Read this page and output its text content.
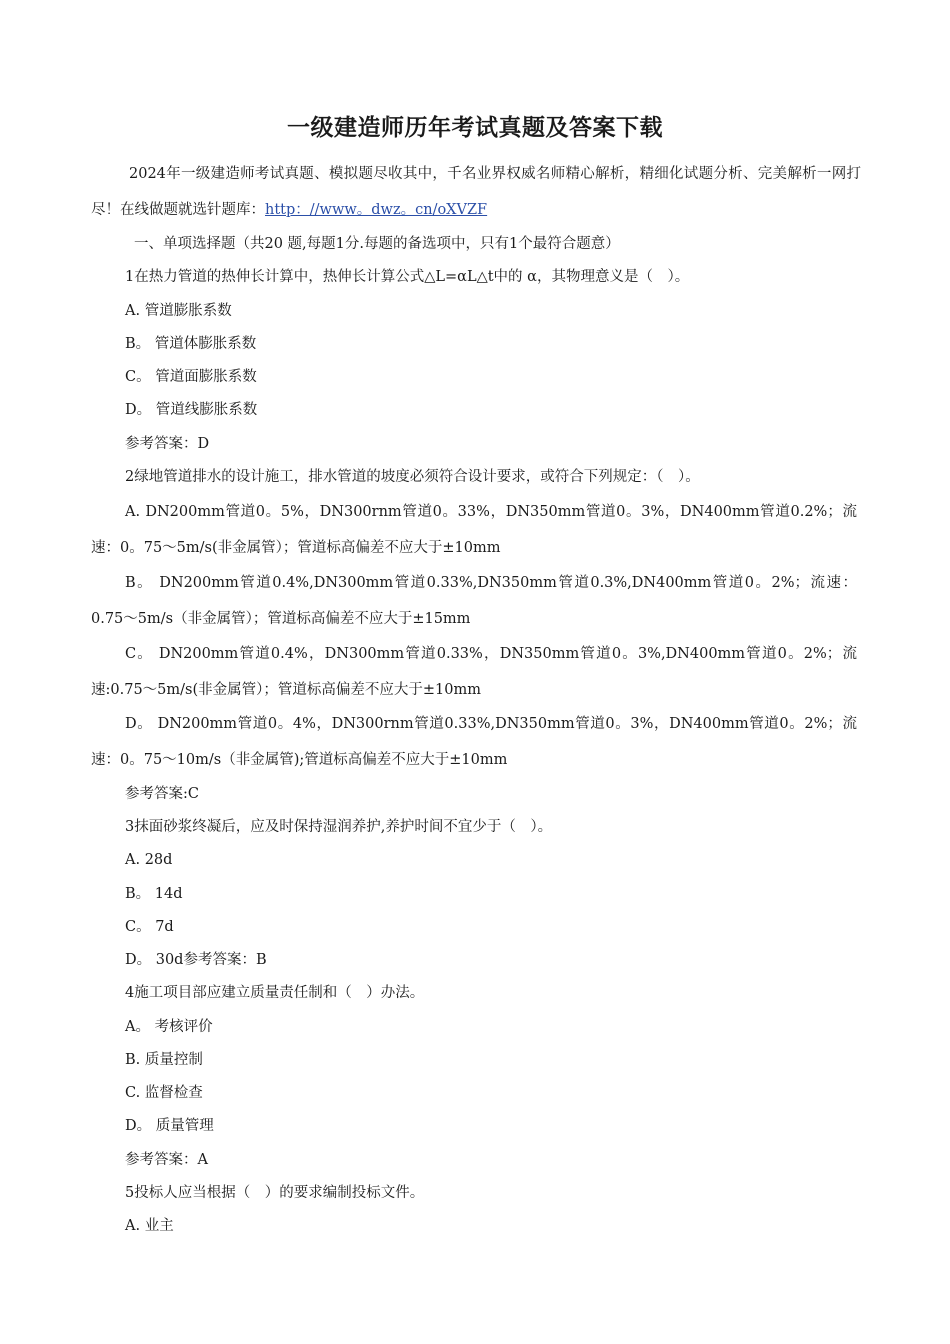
一级建造师历年考试真题及答案下载
2024年一级建造师考试真题、模拟题尽收其中，千名业界权威名师精心解析，精细化试题分析、完美解析一网打 尽！在线做题就选针题库：http：//www。dwz。cn/oXVZF
一、单项选择题（共20 题,每题1分.每题的备选项中，只有1个最符合题意）
1在热力管道的热伸长计算中，热伸长计算公式△L=αL△t中的 α，其物理意义是（　）。
A. 管道膨胀系数
B。 管道体膨胀系数
C。 管道面膨胀系数
D。 管道线膨胀系数
参考答案：D
2绿地管道排水的设计施工，排水管道的坡度必须符合设计要求，或符合下列规定：（　）。
A. DN200mm管道0。5%，DN300rnm管道0。33%，DN350mm管道0。3%，DN400mm管道0.2%；流速：0。75～5m/s(非金属管）；管道标高偏差不应大于±10mm
B。 DN200mm管道0.4%,DN300mm管道0.33%,DN350mm管道0.3%,DN400mm管道0。2%；流速：0.75～5m/s（非金属管）；管道标高偏差不应大于±15mm
C。 DN200mm管道0.4%，DN300mm管道0.33%，DN350mm管道0。3%,DN400mm管道0。2%；流速:0.75～5m/s(非金属管）；管道标高偏差不应大于±10mm
D。 DN200mm管道0。4%，DN300rnm管道0.33%,DN350mm管道0。3%，DN400mm管道0。2%；流速：0。75～10m/s（非金属管);管道标高偏差不应大于±10mm
参考答案:C
3抹面砂浆终凝后，应及时保持湿润养护,养护时间不宜少于（　）。
A. 28d
B。 14d
C。 7d
D。 30d参考答案：B
4施工项目部应建立质量责任制和（　）办法。
A。 考核评价
B. 质量控制
C. 监督检查
D。 质量管理
参考答案：A
5投标人应当根据（　）的要求编制投标文件。
A. 业主
